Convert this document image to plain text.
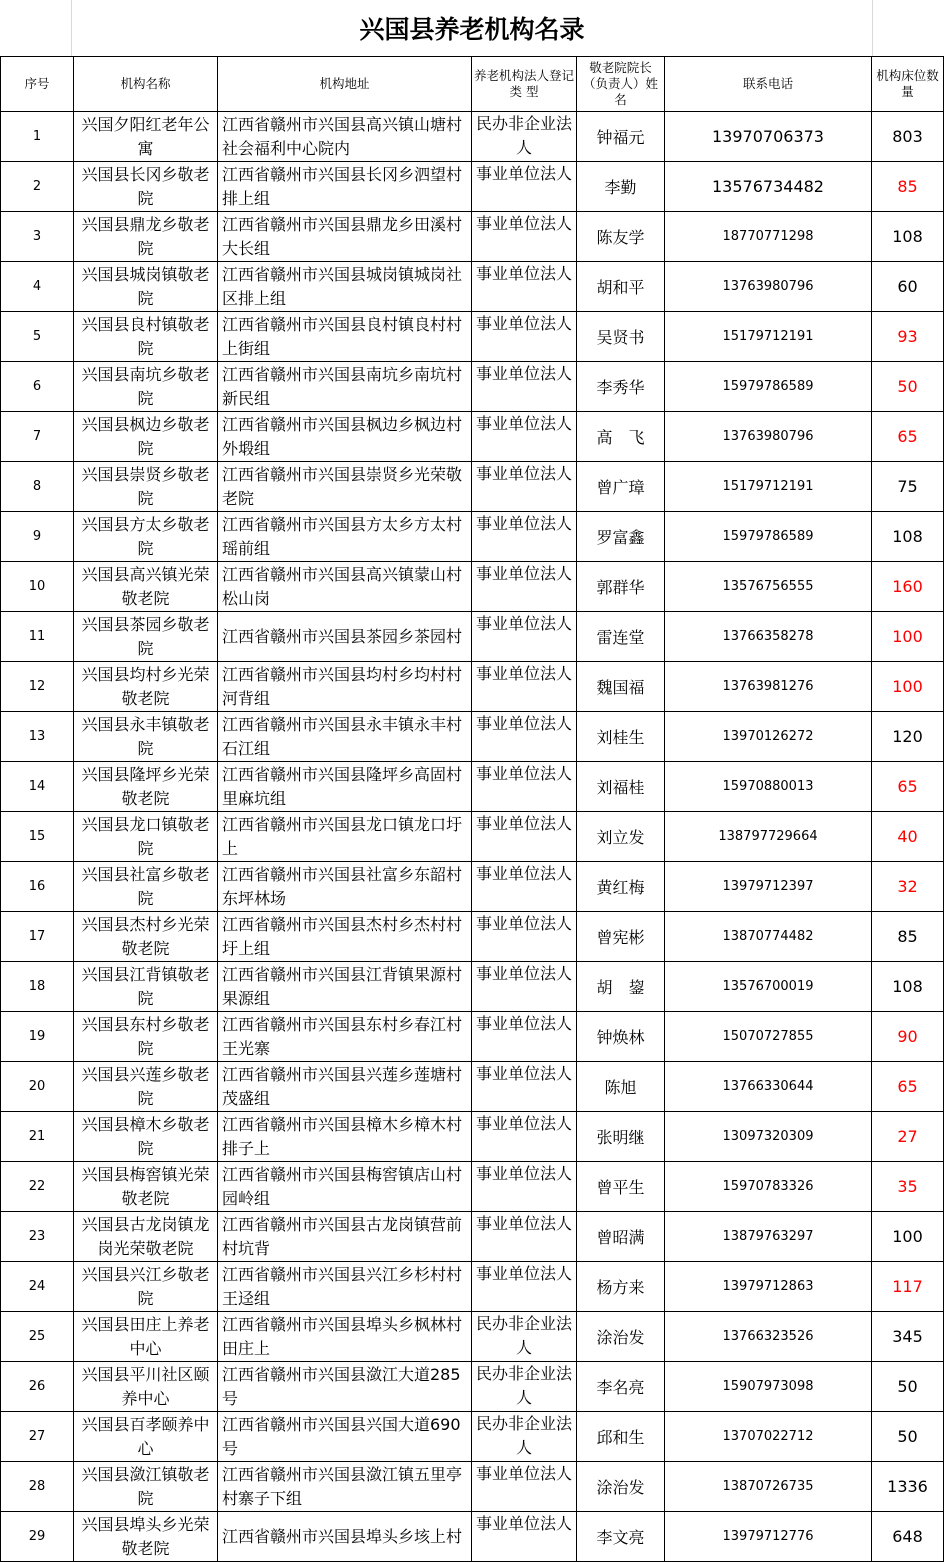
兴国县养老机构名录
序号	机构名称	机构地址	养老机构法人登记类 型	敬老院院长（负责人）姓名	联系电话	机构床位数量
1	兴国夕阳红老年公寓	江西省赣州市兴国县高兴镇山塘村社会福利中心院内	民办非企业法人	钟福元	13970706373	803
2	兴国县长冈乡敬老院	江西省赣州市兴国县长冈乡泗望村排上组	事业单位法人	李勤	13576734482	85
3	兴国县鼎龙乡敬老院	江西省赣州市兴国县鼎龙乡田溪村大长组	事业单位法人	陈友学	18770771298	108
4	兴国县城岗镇敬老院	江西省赣州市兴国县城岗镇城岗社区排上组	事业单位法人	胡和平	13763980796	60
5	兴国县良村镇敬老院	江西省赣州市兴国县良村镇良村村上街组	事业单位法人	吴贤书	15179712191	93
6	兴国县南坑乡敬老院	江西省赣州市兴国县南坑乡南坑村新民组	事业单位法人	李秀华	15979786589	50
7	兴国县枫边乡敬老院	江西省赣州市兴国县枫边乡枫边村外塅组	事业单位法人	高　飞	13763980796	65
8	兴国县崇贤乡敬老院	江西省赣州市兴国县崇贤乡光荣敬老院	事业单位法人	曾广璋	15179712191	75
9	兴国县方太乡敬老院	江西省赣州市兴国县方太乡方太村瑶前组	事业单位法人	罗富鑫	15979786589	108
10	兴国县高兴镇光荣敬老院	江西省赣州市兴国县高兴镇蒙山村松山岗	事业单位法人	郭群华	13576756555	160
11	兴国县茶园乡敬老院	江西省赣州市兴国县茶园乡茶园村	事业单位法人	雷连堂	13766358278	100
12	兴国县均村乡光荣敬老院	江西省赣州市兴国县均村乡均村村河背组	事业单位法人	魏国福	13763981276	100
13	兴国县永丰镇敬老院	江西省赣州市兴国县永丰镇永丰村石江组	事业单位法人	刘桂生	13970126272	120
14	兴国县隆坪乡光荣敬老院	江西省赣州市兴国县隆坪乡高固村里麻坑组	事业单位法人	刘福桂	15970880013	65
15	兴国县龙口镇敬老院	江西省赣州市兴国县龙口镇龙口圩上	事业单位法人	刘立发	138797729664	40
16	兴国县社富乡敬老院	江西省赣州市兴国县社富乡东韶村东坪林场	事业单位法人	黄红梅	13979712397	32
17	兴国县杰村乡光荣敬老院	江西省赣州市兴国县杰村乡杰村村圩上组	事业单位法人	曾宪彬	13870774482	85
18	兴国县江背镇敬老院	江西省赣州市兴国县江背镇果源村果源组	事业单位法人	胡　鋆	13576700019	108
19	兴国县东村乡敬老院	江西省赣州市兴国县东村乡春江村王光寨	事业单位法人	钟焕林	15070727855	90
20	兴国县兴莲乡敬老院	江西省赣州市兴国县兴莲乡莲塘村茂盛组	事业单位法人	陈旭	13766330644	65
21	兴国县樟木乡敬老院	江西省赣州市兴国县樟木乡樟木村排子上	事业单位法人	张明继	13097320309	27
22	兴国县梅窖镇光荣敬老院	江西省赣州市兴国县梅窖镇店山村园岭组	事业单位法人	曾平生	15970783326	35
23	兴国县古龙岗镇龙岗光荣敬老院	江西省赣州市兴国县古龙岗镇营前村坑背	事业单位法人	曾昭满	13879763297	100
24	兴国县兴江乡敬老院	江西省赣州市兴国县兴江乡杉村村王迳组	事业单位法人	杨方来	13979712863	117
25	兴国县田庄上养老中心	江西省赣州市兴国县埠头乡枫林村田庄上	民办非企业法人	涂治发	13766323526	345
26	兴国县平川社区颐养中心	江西省赣州市兴国县潋江大道285号	民办非企业法人	李名亮	15907973098	50
27	兴国县百孝颐养中心	江西省赣州市兴国县兴国大道690号	民办非企业法人	邱和生	13707022712	50
28	兴国县潋江镇敬老院	江西省赣州市兴国县潋江镇五里亭村寨子下组	事业单位法人	涂治发	13870726735	1336
29	兴国县埠头乡光荣敬老院	江西省赣州市兴国县埠头乡垓上村	事业单位法人	李文亮	13979712776	648
